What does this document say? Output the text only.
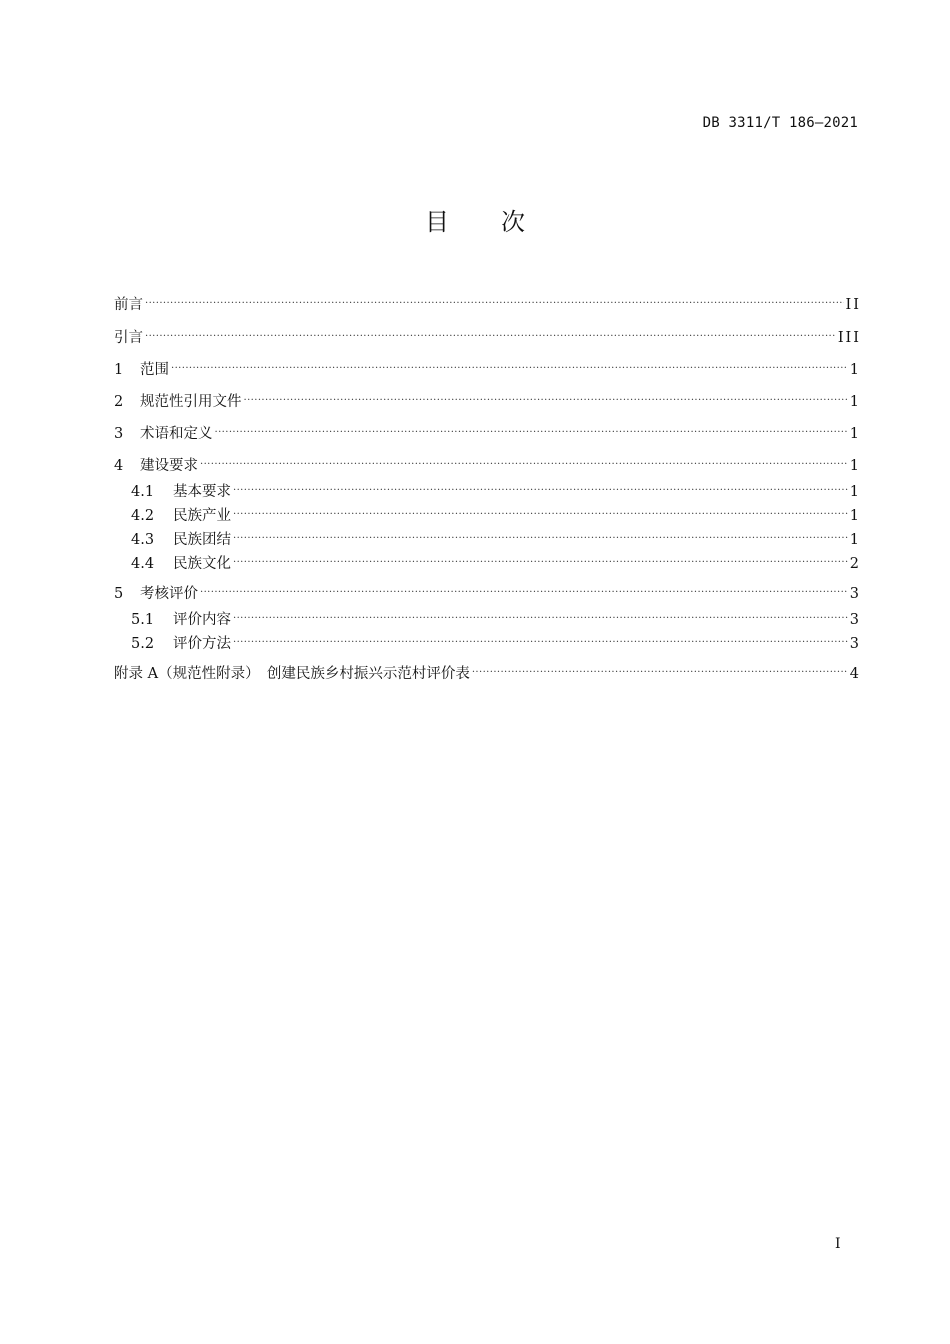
DB 3311/T 186—2021
目 次
前言 .....	II
引言 .....	III
1	范围 .....	1
2	规范性引用文件 .....	1
3	术语和定义 .....	1
4	建设要求 .....	1
4.1	基本要求 .....	1
4.2	民族产业 .....	1
4.3	民族团结 .....	1
4.4	民族文化 .....	2
5	考核评价 .....	3
5.1	评价内容 .....	3
5.2	评价方法 .....	3
附录 A（规范性附录）　创建民族乡村振兴示范村评价表 .....	4
I
